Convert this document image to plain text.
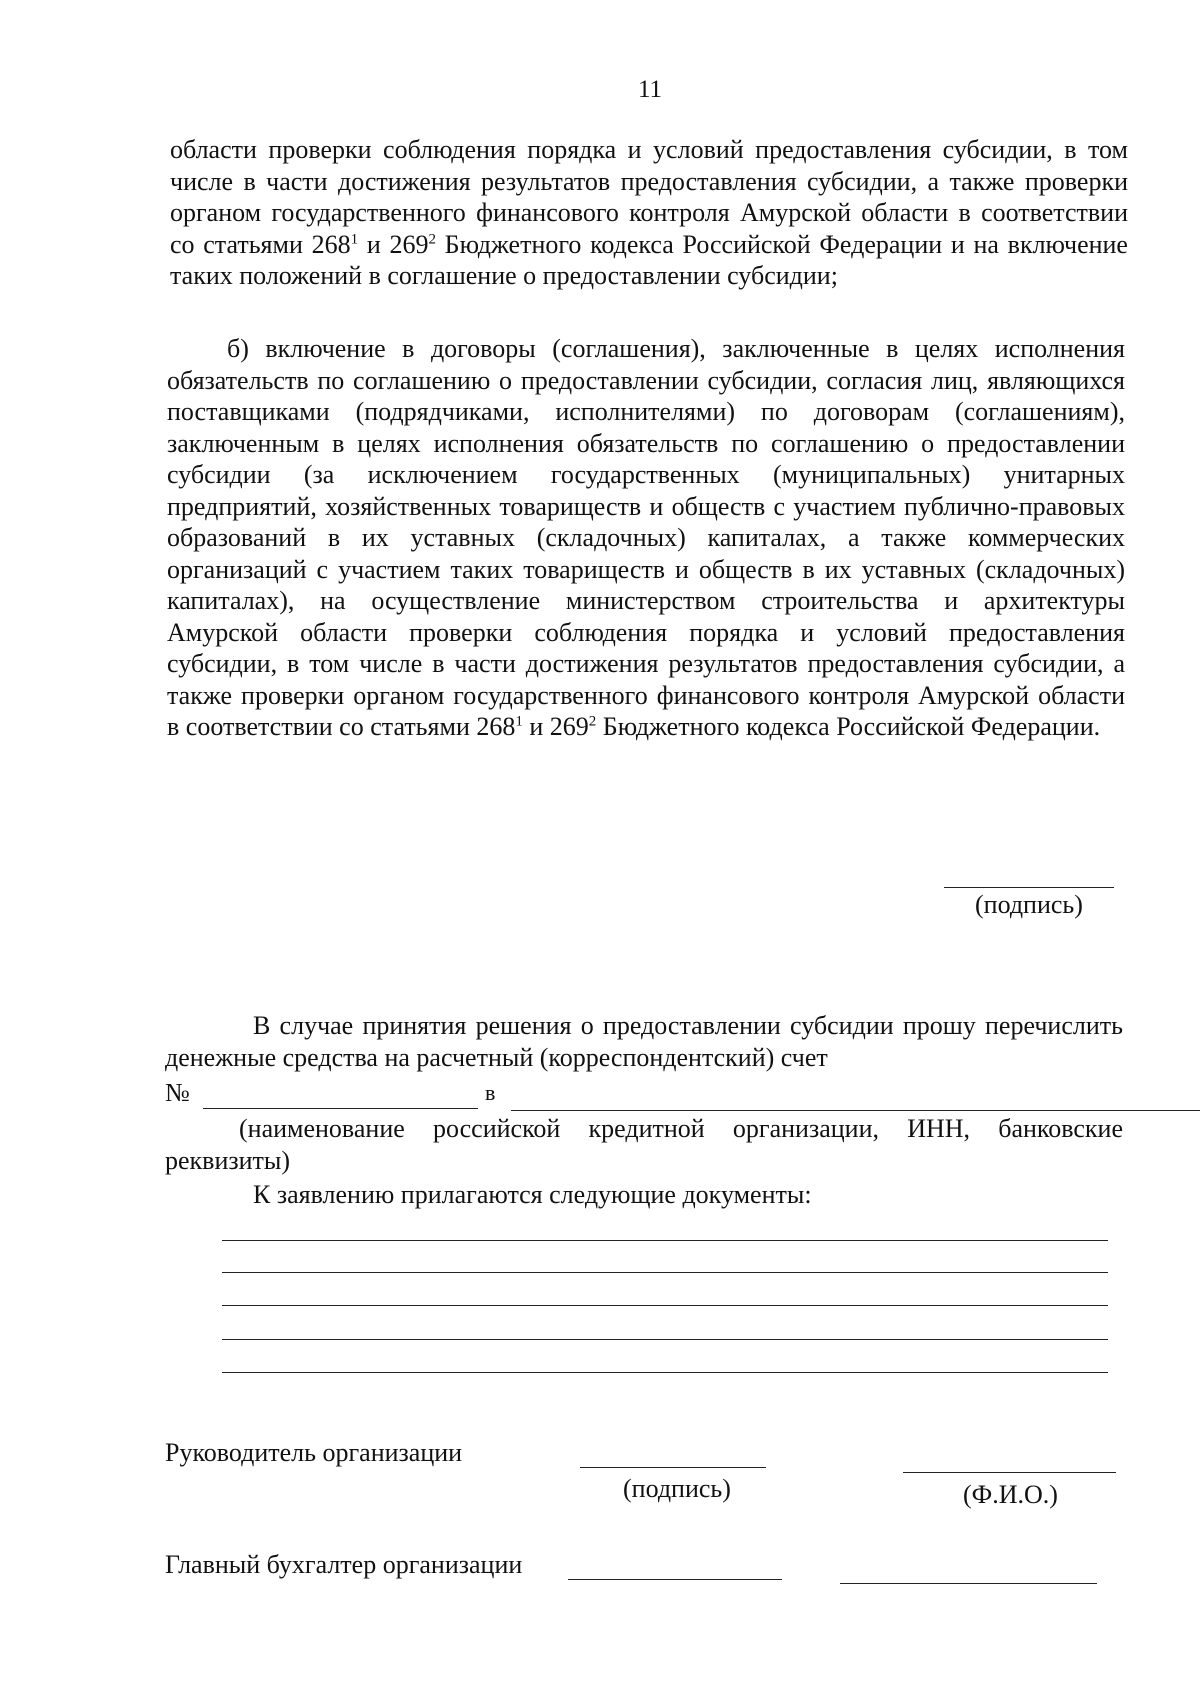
11

области проверки соблюдения порядка и условий предоставления субсидии, в том числе в части достижения результатов предоставления субсидии, а также проверки органом государственного финансового контроля Амурской области в соответствии со статьями $268^1$ и $269^2$ Бюджетного кодекса Российской Федерации и на включение таких положений в соглашение о предоставлении субсидии;

б) включение в договоры (соглашения), заключенные в целях исполнения обязательств по соглашению о предоставлении субсидии, согласия лиц, являющихся поставщиками (подрядчиками, исполнителями) по договорам (соглашениям), заключенным в целях исполнения обязательств по соглашению о предоставлении субсидии (за исключением государственных (муниципальных) унитарных предприятий, хозяйственных товариществ и обществ с участием публично-правовых образований в их уставных (складочных) капиталах, а также коммерческих организаций с участием таких товариществ и обществ в их уставных (складочных) капиталах), на осуществление министерством строительства и архитектуры Амурской области проверки соблюдения порядка и условий предоставления субсидии, в том числе в части достижения результатов предоставления субсидии, а также проверки органом государственного финансового контроля Амурской области в соответствии со статьями $268^1$ и $269^2$ Бюджетного кодекса Российской Федерации.

(подпись)

В случае принятия решения о предоставлении субсидии прошу перечислить денежные средства на расчетный (корреспондентский) счет

№	в

(наименование российской кредитной организации, ИНН, банковские реквизиты)

К заявлению прилагаются следующие документы:
Руководитель организации
(подпись)	(Ф.И.О.)
Главный бухгалтер организации
